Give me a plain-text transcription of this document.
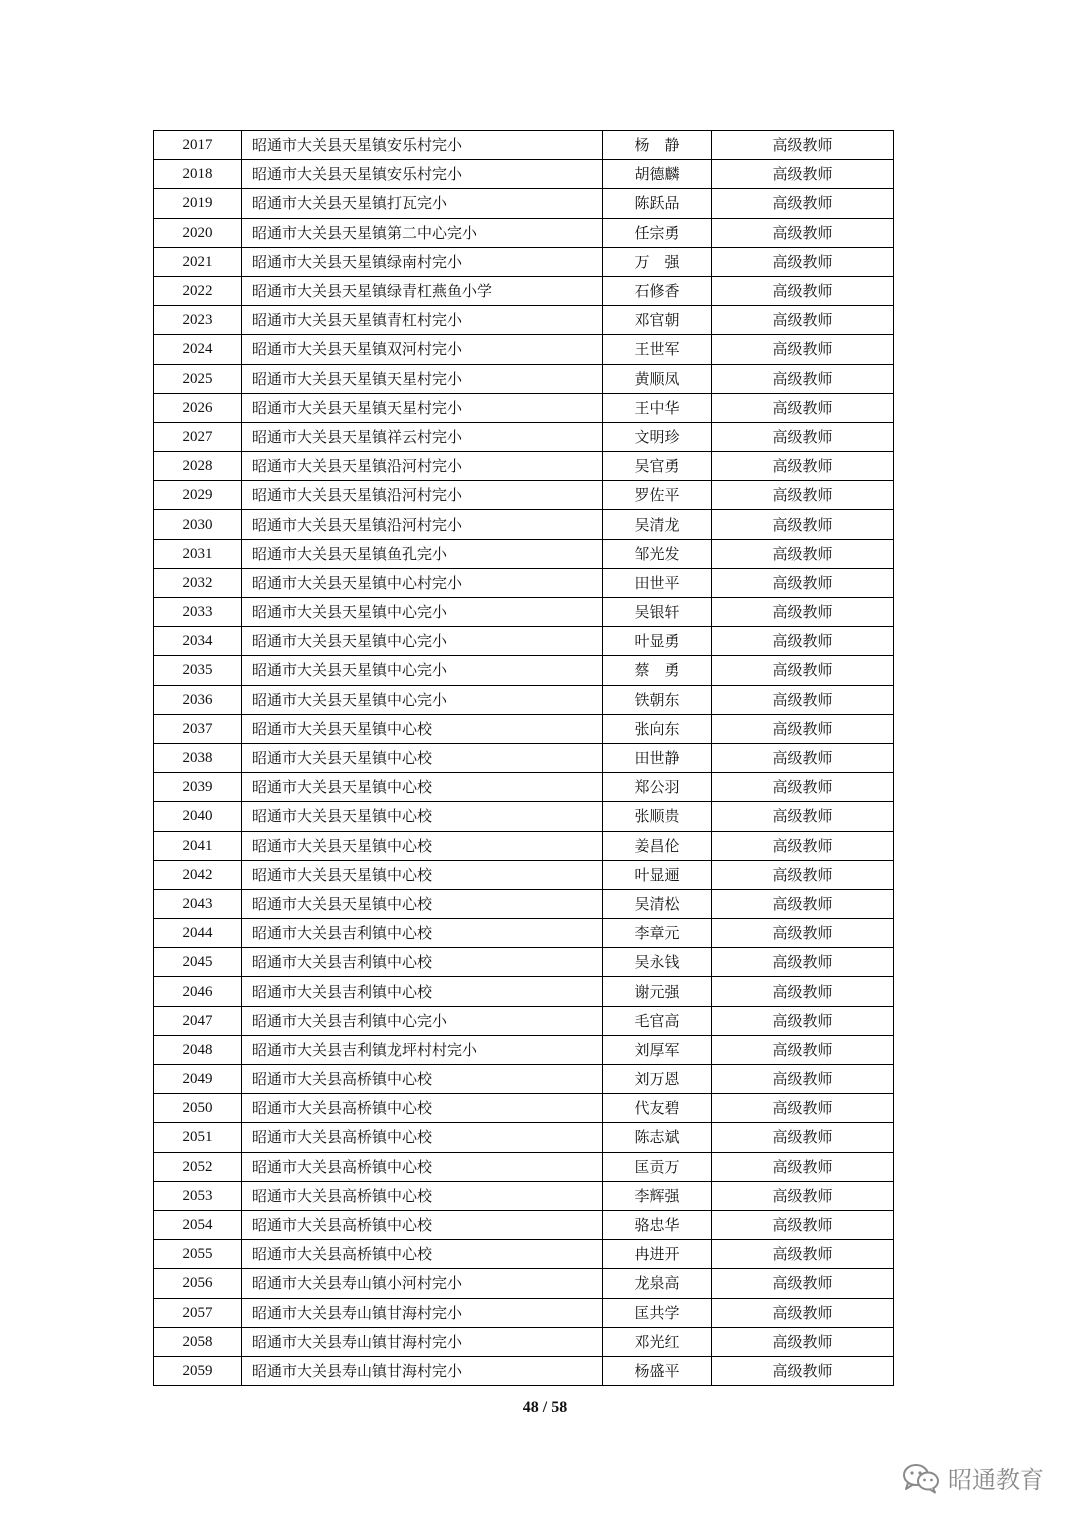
2017	昭通市大关县天星镇安乐村完小	杨　静	高级教师
2018	昭通市大关县天星镇安乐村完小	胡德麟	高级教师
2019	昭通市大关县天星镇打瓦完小	陈跃品	高级教师
2020	昭通市大关县天星镇第二中心完小	任宗勇	高级教师
2021	昭通市大关县天星镇绿南村完小	万　强	高级教师
2022	昭通市大关县天星镇绿青杠燕鱼小学	石修香	高级教师
2023	昭通市大关县天星镇青杠村完小	邓官朝	高级教师
2024	昭通市大关县天星镇双河村完小	王世军	高级教师
2025	昭通市大关县天星镇天星村完小	黄顺凤	高级教师
2026	昭通市大关县天星镇天星村完小	王中华	高级教师
2027	昭通市大关县天星镇祥云村完小	文明珍	高级教师
2028	昭通市大关县天星镇沿河村完小	吴官勇	高级教师
2029	昭通市大关县天星镇沿河村完小	罗佐平	高级教师
2030	昭通市大关县天星镇沿河村完小	吴清龙	高级教师
2031	昭通市大关县天星镇鱼孔完小	邹光发	高级教师
2032	昭通市大关县天星镇中心村完小	田世平	高级教师
2033	昭通市大关县天星镇中心完小	吴银轩	高级教师
2034	昭通市大关县天星镇中心完小	叶显勇	高级教师
2035	昭通市大关县天星镇中心完小	蔡　勇	高级教师
2036	昭通市大关县天星镇中心完小	铁朝东	高级教师
2037	昭通市大关县天星镇中心校	张向东	高级教师
2038	昭通市大关县天星镇中心校	田世静	高级教师
2039	昭通市大关县天星镇中心校	郑公羽	高级教师
2040	昭通市大关县天星镇中心校	张顺贵	高级教师
2041	昭通市大关县天星镇中心校	姜昌伦	高级教师
2042	昭通市大关县天星镇中心校	叶显逦	高级教师
2043	昭通市大关县天星镇中心校	吴清松	高级教师
2044	昭通市大关县吉利镇中心校	李章元	高级教师
2045	昭通市大关县吉利镇中心校	吴永钱	高级教师
2046	昭通市大关县吉利镇中心校	谢元强	高级教师
2047	昭通市大关县吉利镇中心完小	毛官高	高级教师
2048	昭通市大关县吉利镇龙坪村村完小	刘厚军	高级教师
2049	昭通市大关县高桥镇中心校	刘万恩	高级教师
2050	昭通市大关县高桥镇中心校	代友碧	高级教师
2051	昭通市大关县高桥镇中心校	陈志斌	高级教师
2052	昭通市大关县高桥镇中心校	匡贡万	高级教师
2053	昭通市大关县高桥镇中心校	李辉强	高级教师
2054	昭通市大关县高桥镇中心校	骆忠华	高级教师
2055	昭通市大关县高桥镇中心校	冉进开	高级教师
2056	昭通市大关县寿山镇小河村完小	龙泉高	高级教师
2057	昭通市大关县寿山镇甘海村完小	匡共学	高级教师
2058	昭通市大关县寿山镇甘海村完小	邓光红	高级教师
2059	昭通市大关县寿山镇甘海村完小	杨盛平	高级教师
48 / 58
昭通教育
